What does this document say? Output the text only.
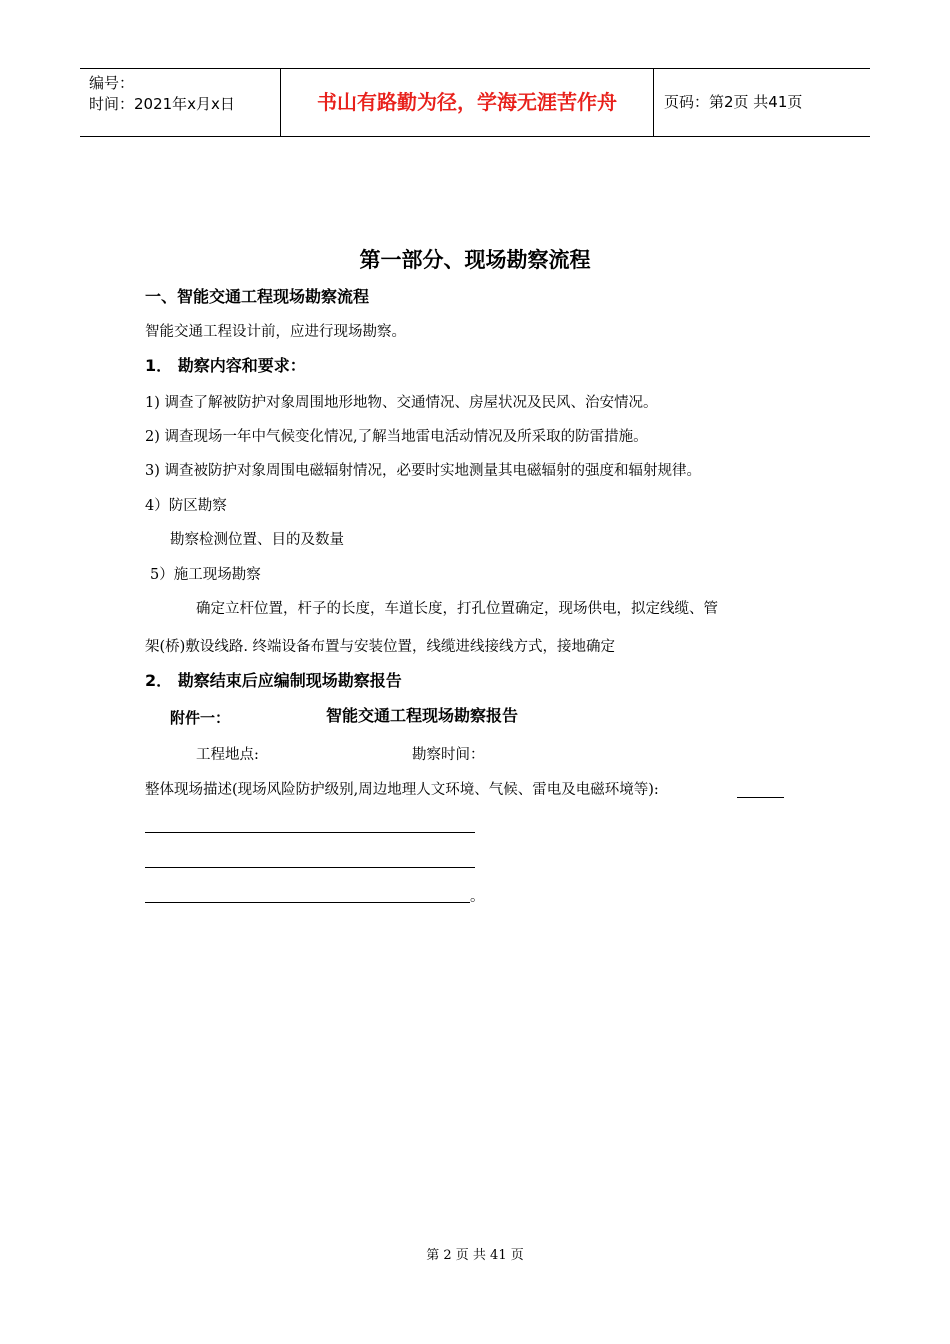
编号：
时间：2021年x月x日	书山有路勤为径，学海无涯苦作舟	页码：第2页 共41页
第一部分、现场勘察流程
一、智能交通工程现场勘察流程
智能交通工程设计前，应进行现场勘察。
1． 勘察内容和要求：
1) 调查了解被防护对象周围地形地物、交通情况、房屋状况及民风、治安情况。
2) 调查现场一年中气候变化情况,了解当地雷电活动情况及所采取的防雷措施。
3) 调查被防护对象周围电磁辐射情况，必要时实地测量其电磁辐射的强度和辐射规律。
4）防区勘察
勘察检测位置、目的及数量
5）施工现场勘察
确定立杆位置，杆子的长度，车道长度，打孔位置确定，现场供电，拟定线缆、管
架(桥)敷设线路. 终端设备布置与安装位置，线缆进线接线方式，接地确定
2． 勘察结束后应编制现场勘察报告
附件一：	智能交通工程现场勘察报告
工程地点:	勘察时间：
整体现场描述(现场风险防护级别,周边地理人文环境、气候、雷电及电磁环境等):
。
第 2 页 共 41 页
